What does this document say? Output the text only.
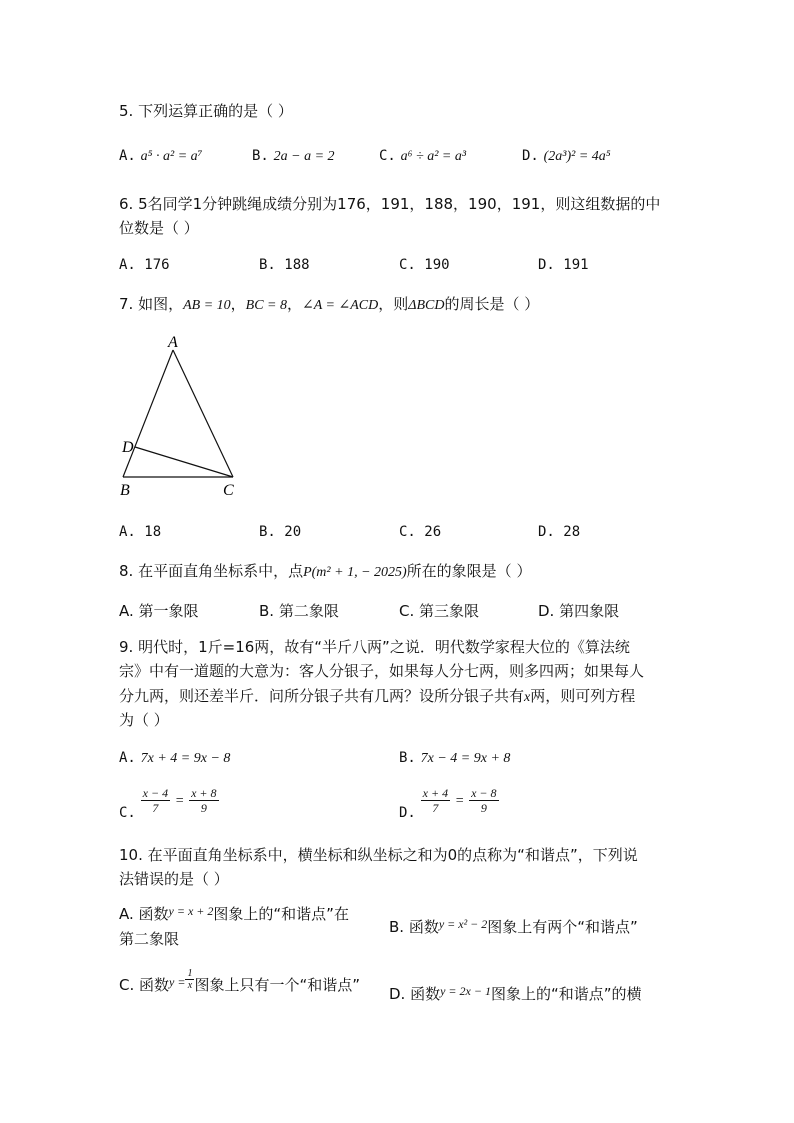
5. 下列运算正确的是（ ）
A. a⁵ · a² = a⁷	B. 2a − a = 2	C. a⁶ ÷ a² = a³	D. (2a³)² = 4a⁵
6. 5名同学1分钟跳绳成绩分别为176，191，188，190，191，则这组数据的中
位数是（ ）
A. 176	B. 188	C. 190	D. 191
7. 如图，AB = 10，BC = 8，∠A = ∠ACD，则ΔBCD的周长是（ ）
A
B	C
D
A. 18	B. 20	C. 26	D. 28
8. 在平面直角坐标系中，点P(m² + 1, − 2025)所在的象限是（ ）
A. 第一象限	B. 第二象限	C. 第三象限	D. 第四象限
9. 明代时，1斤=16两，故有“半斤八两”之说．明代数学家程大位的《算法统
宗》中有一道题的大意为：客人分银子，如果每人分七两，则多四两；如果每人
分九两，则还差半斤．问所分银子共有几两？设所分银子共有x两，则可列方程
为（ ）
A. 7x + 4 = 9x − 8	B. 7x − 4 = 9x + 8
C. $\frac{x - 4}{7} = \frac{x + 8}{9}$	D. $\frac{x + 4}{7} = \frac{x - 8}{9}$
10. 在平面直角坐标系中，横坐标和纵坐标之和为0的点称为“和谐点”，下列说
法错误的是（ ）
A. 函数$^{y = x + 2}$图象上的“和谐点”在
第二象限
B. 函数$^{y = x^2 - 2}$图象上有两个“和谐点”
C. 函数$^{y =} \frac{1}{x}$ 图象上只有一个“和谐点” D. 函数$^{y = 2x - 1}$图象上的“和谐点”的横
